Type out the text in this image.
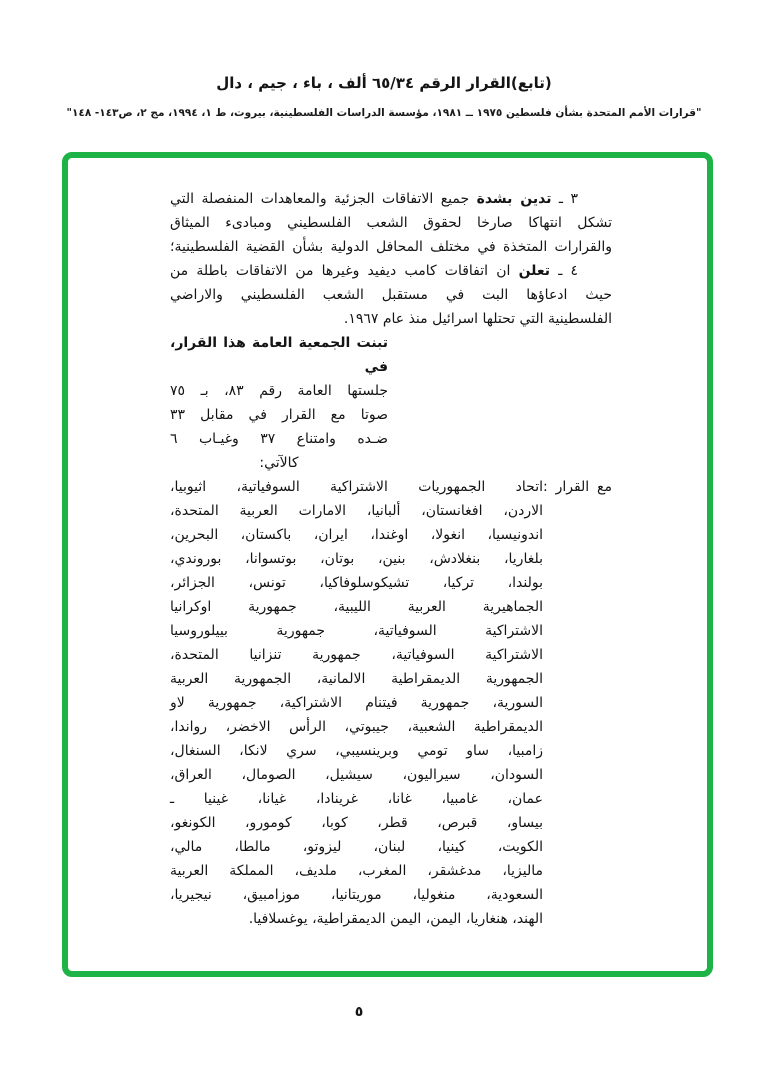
(تابع)القرار الرقم ٦٥/٣٤ ألف ، باء ، جيم ، دال
"قرارات الأمم المتحدة بشأن فلسطين ١٩٧٥ ــ ١٩٨١، مؤسسة الدراسات الفلسطينية، بيروت، ط ١، ١٩٩٤، مج ٢، ص١٤٣- ١٤٨"
٣ ـ تدين بشدة جميع الاتفاقات الجزئية والمعاهدات المنفصلة التي
تشكل انتهاكا صارخا لحقوق الشعب الفلسطيني ومبادىء الميثاق
والقرارات المتخذة في مختلف المحافل الدولية بشأن القضية الفلسطينية؛
٤ ـ تعلن ان اتفاقات كامب ديفيد وغيرها من الاتفاقات باطلة من
حيث ادعاؤها البت في مستقبل الشعب الفلسطيني والاراضي
الفلسطينية التي تحتلها اسرائيل منذ عام ١٩٦٧.
تبنت الجمعية العامة هذا القرار، في
جلستها العامة رقم ٨٣، بـ ٧٥
صوتا مع القرار في مقابل ٣٣
ضـده وامتناع ٣٧ وغيـاب ٦
كالآتي:
مع القرار :
اتحاد الجمهوريات الاشتراكية السوفياتية، اثيوبيا،
الاردن، افغانستان، ألبانيا، الامارات العربية المتحدة،
اندونيسيا، انغولا، اوغندا، ايران، باكستان، البحرين،
بلغاريا، بنغلادش، بنين، بوتان، بوتسوانا، بوروندي،
بولندا، تركيا، تشيكوسلوفاكيا، تونس، الجزائر،
الجماهيرية العربية الليبية، جمهورية اوكرانيا
الاشتراكية السوفياتية، جمهورية بييلوروسيا
الاشتراكية السوفياتية، جمهورية تنزانيا المتحدة،
الجمهورية الديمقراطية الالمانية، الجمهورية العربية
السورية، جمهورية فيتنام الاشتراكية، جمهورية لاو
الديمقراطية الشعبية، جيبوتي، الرأس الاخضر، رواندا،
زامبيا، ساو تومي وبرينسيبي، سري لانكا، السنغال،
السودان، سيراليون، سيشيل، الصومال، العراق،
عمان، غامبيا، غانا، غرينادا، غيانا، غينيا ـ
بيساو، قبرص، قطر، كوبا، كومورو، الكونغو،
الكويت، كينيا، لبنان، ليزوتو، مالطا، مالي،
ماليزيا، مدغشقر، المغرب، ملديف، المملكة العربية
السعودية، منغوليا، موريتانيا، موزامبيق، نيجيريا،
الهند، هنغاريا، اليمن، اليمن الديمقراطية، يوغسلافيا.
٥
